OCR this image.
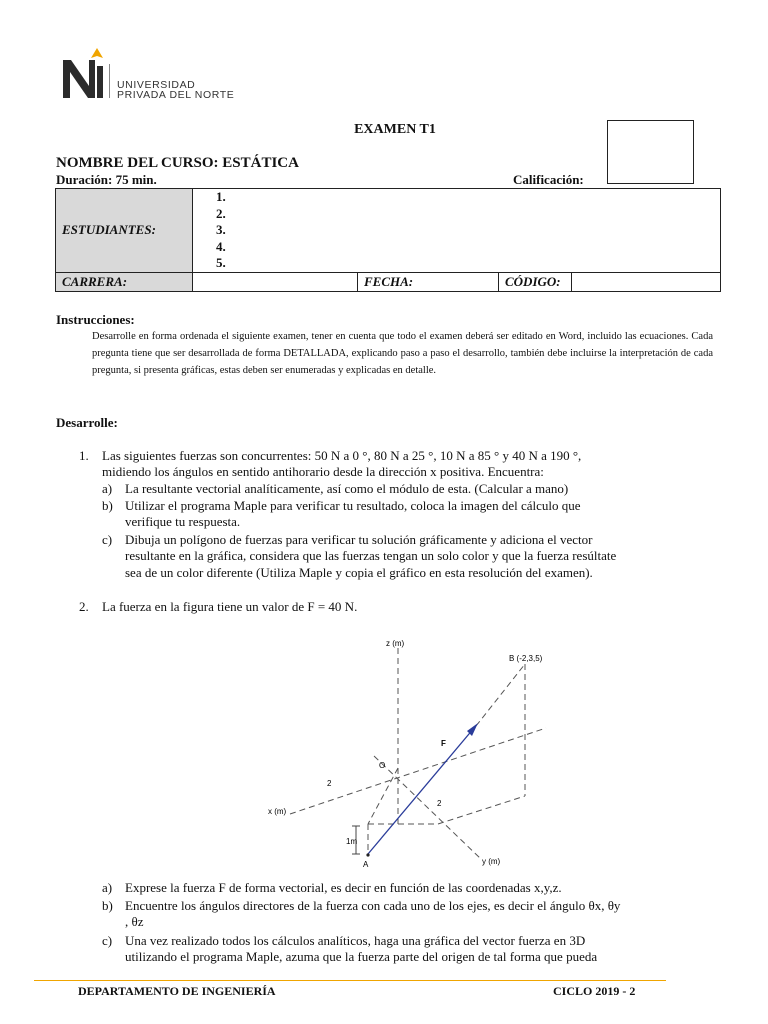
UNIVERSIDAD
PRIVADA DEL NORTE
EXAMEN T1
NOMBRE DEL CURSO: ESTÁTICA
Duración: 75 min.	Calificación:
ESTUDIANTES:	1.
2.
3.
4.
5.		

CARRERA:		FECHA:	CÓDIGO:
Instrucciones:
Desarrolle en forma ordenada el siguiente examen, tener en cuenta que todo el examen deberá ser editado en Word, incluido las ecuaciones. Cada pregunta tiene que ser desarrollada de forma DETALLADA, explicando paso a paso el desarrollo, también debe incluirse la interpretación de cada pregunta, si presenta gráficas, estas deben ser enumeradas y explicadas en detalle.
Desarrolle:
1. Las siguientes fuerzas son concurrentes: 50 N a 0 °, 80 N a 25 °, 10 N a 85 ° y 40 N a 190 °,
midiendo los ángulos en sentido antihorario desde la dirección x positiva. Encuentra:
a) La resultante vectorial analíticamente, así como el módulo de esta. (Calcular a mano)
b) Utilizar el programa Maple para verificar tu resultado, coloca la imagen del cálculo que
verifique tu respuesta.
c) Dibuja un polígono de fuerzas para verificar tu solución gráficamente y adiciona el vector
resultante en la gráfica, considera que las fuerzas tengan un solo color y que la fuerza resúltate
sea de un color diferente (Utiliza Maple y copia el gráfico en esta resolución del examen).
2. La fuerza en la figura tiene un valor de F = 40 N.
z (m)
x (m)
y (m)
B (-2,3,5)
F
O
A
2
2
1m
a) Exprese la fuerza F de forma vectorial, es decir en función de las coordenadas x,y,z.
b) Encuentre los ángulos directores de la fuerza con cada uno de los ejes, es decir el ángulo θx, θy
, θz
c) Una vez realizado todos los cálculos analíticos, haga una gráfica del vector fuerza en 3D
utilizando el programa Maple, azuma que la fuerza parte del origen de tal forma que pueda
DEPARTAMENTO DE INGENIERÍA	CICLO 2019 - 2
